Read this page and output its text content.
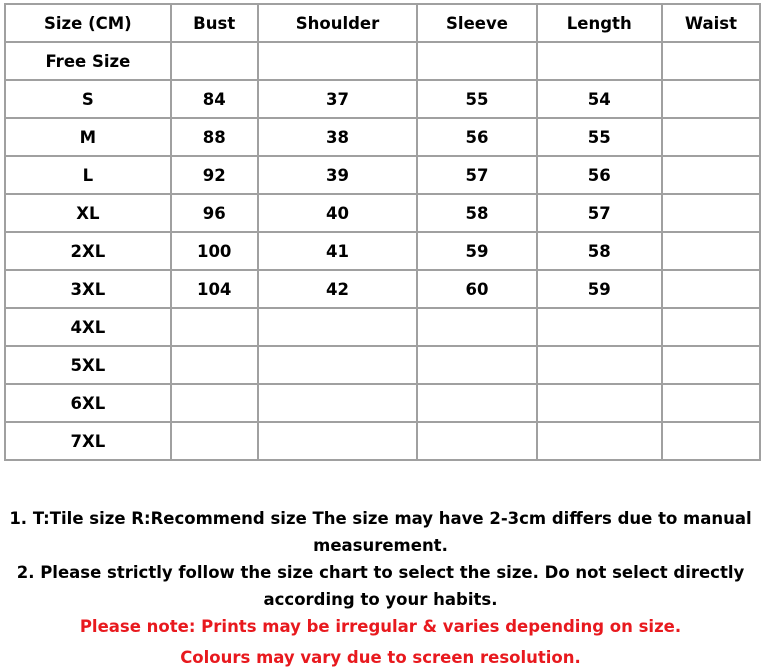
Size (CM)	Bust	Shoulder	Sleeve	Length	Waist
Free Size					
S	84	37	55	54	
M	88	38	56	55	
L	92	39	57	56	
XL	96	40	58	57	
2XL	100	41	59	58	
3XL	104	42	60	59	
4XL					
5XL					
6XL					
7XL					
1. T:Tile size R:Recommend size The size may have 2-3cm differs due to manual measurement.
2. Please strictly follow the size chart to select the size. Do not select directly according to your habits.
Please note: Prints may be irregular & varies depending on size.
Colours may vary due to screen resolution.
